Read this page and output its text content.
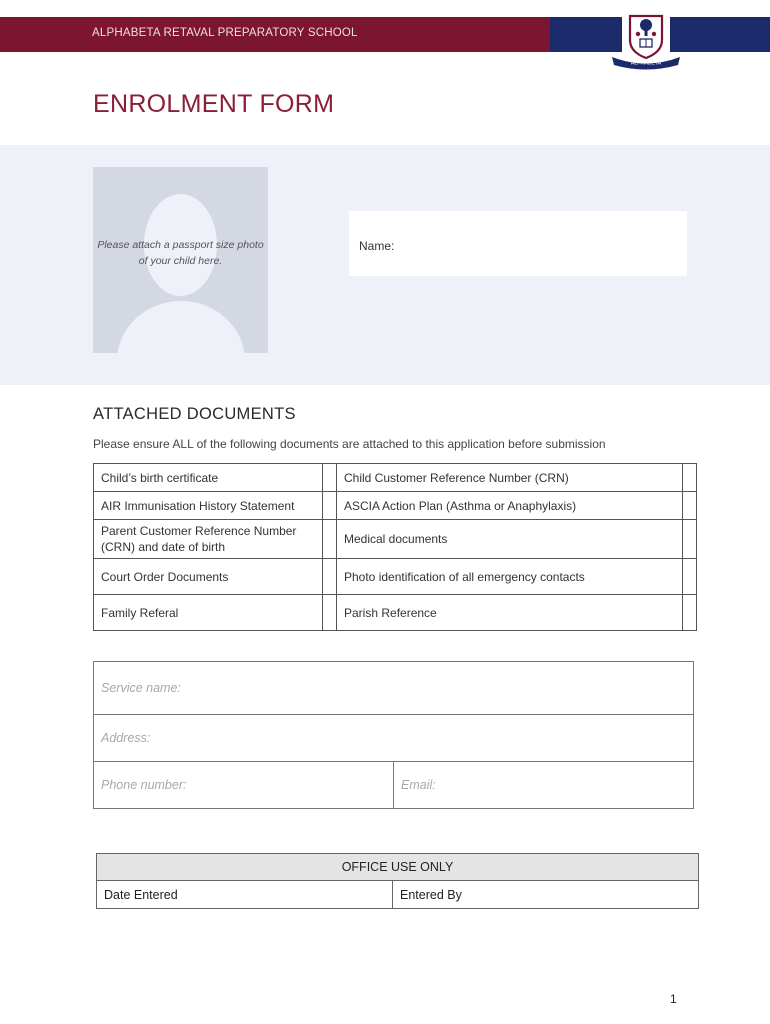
ALPHABETA RETAVAL PREPARATORY SCHOOL
ALPHABETA
ENROLMENT FORM
Please attach a passport size photo of your child here.
Name:
ATTACHED DOCUMENTS
Please ensure ALL of the following documents are attached to this application before submission
Child’s birth certificate		Child Customer Reference Number (CRN)	
AIR Immunisation History Statement		ASCIA Action Plan (Asthma or Anaphylaxis)	
Parent Customer Reference Number (CRN) and date of birth		Medical documents	
Court Order Documents		Photo identification of all emergency contacts	
Family Referal		Parish Reference	
Service name:
Address:
Phone number:	Email:
OFFICE USE ONLY
Date Entered	Entered By
1
